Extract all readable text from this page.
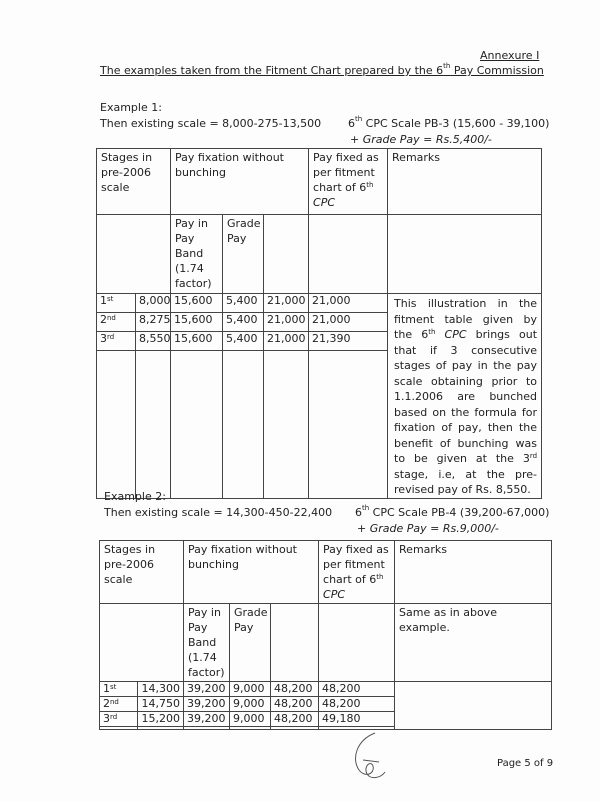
Annexure I
The examples taken from the Fitment Chart prepared by the 6th Pay Commission
Example 1:
Then existing scale = 8,000-275-13,500 6th CPC Scale PB-3 (15,600 - 39,100)
+ Grade Pay = Rs.5,400/-
Stages in pre-2006 scale		Pay fixation without bunching			Pay fixed as per fitment chart of 6th CPC	Remarks
		Pay in Pay Band (1.74 factor)	Grade Pay			
1st	8,000	15,600	5,400	21,000	21,000	This illustration in the fitment table given by the 6th CPC brings out that if 3 consecutive stages of pay in the pay scale obtaining prior to 1.1.2006 are bunched based on the formula for fixation of pay, then the benefit of bunching was to be given at the 3rd stage, i.e, at the pre-revised pay of Rs. 8,550.
2nd	8,275	15,600	5,400	21,000	21,000	
3rd	8,550	15,600	5,400	21,000	21,390	

Example 2:
Then existing scale = 14,300-450-22,400 6th CPC Scale PB-4 (39,200-67,000)
+ Grade Pay = Rs.9,000/-
Stages in pre-2006 scale		Pay fixation without bunching			Pay fixed as per fitment chart of 6th CPC	Remarks
		Pay in Pay Band (1.74 factor)	Grade Pay			Same as in above example.
1st	14,300	39,200	9,000	48,200	48,200	
2nd	14,750	39,200	9,000	48,200	48,200	
3rd	15,200	39,200	9,000	48,200	49,180	

Page 5 of 9
